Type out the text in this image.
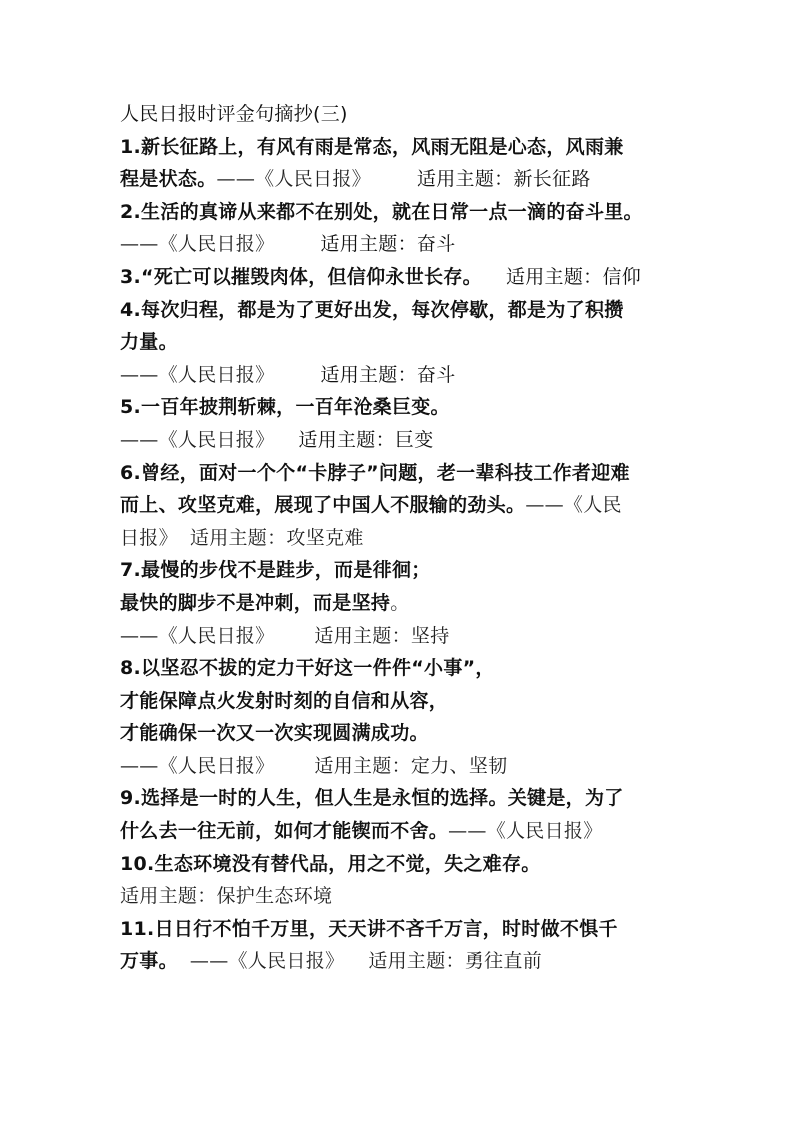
人民日报时评金句摘抄(三)
1.新长征路上，有风有雨是常态，风雨无阻是心态，风雨兼
程是状态。——《人民日报》 适用主题：新长征路
2.生活的真谛从来都不在别处，就在日常一点一滴的奋斗里。
——《人民日报》 适用主题：奋斗
3.“死亡可以摧毁肉体，但信仰永世长存。 适用主题：信仰
4.每次归程，都是为了更好出发，每次停歇，都是为了积攒
力量。
——《人民日报》 适用主题：奋斗
5.一百年披荆斩棘，一百年沧桑巨变。
——《人民日报》 适用主题：巨变
6.曾经，面对一个个“卡脖子”问题，老一辈科技工作者迎难
而上、攻坚克难，展现了中国人不服输的劲头。——《人民
日报》 适用主题：攻坚克难
7.最慢的步伐不是跬步，而是徘徊；
最快的脚步不是冲刺，而是坚持。
——《人民日报》 适用主题：坚持
8.以坚忍不拔的定力干好这一件件“小事”，
才能保障点火发射时刻的自信和从容，
才能确保一次又一次实现圆满成功。
——《人民日报》 适用主题：定力、坚韧
9.选择是一时的人生，但人生是永恒的选择。关键是，为了
什么去一往无前，如何才能锲而不舍。——《人民日报》
10.生态环境没有替代品，用之不觉，失之难存。
适用主题：保护生态环境
11.日日行不怕千万里，天天讲不吝千万言，时时做不惧千
万事。 ——《人民日报》 适用主题：勇往直前
